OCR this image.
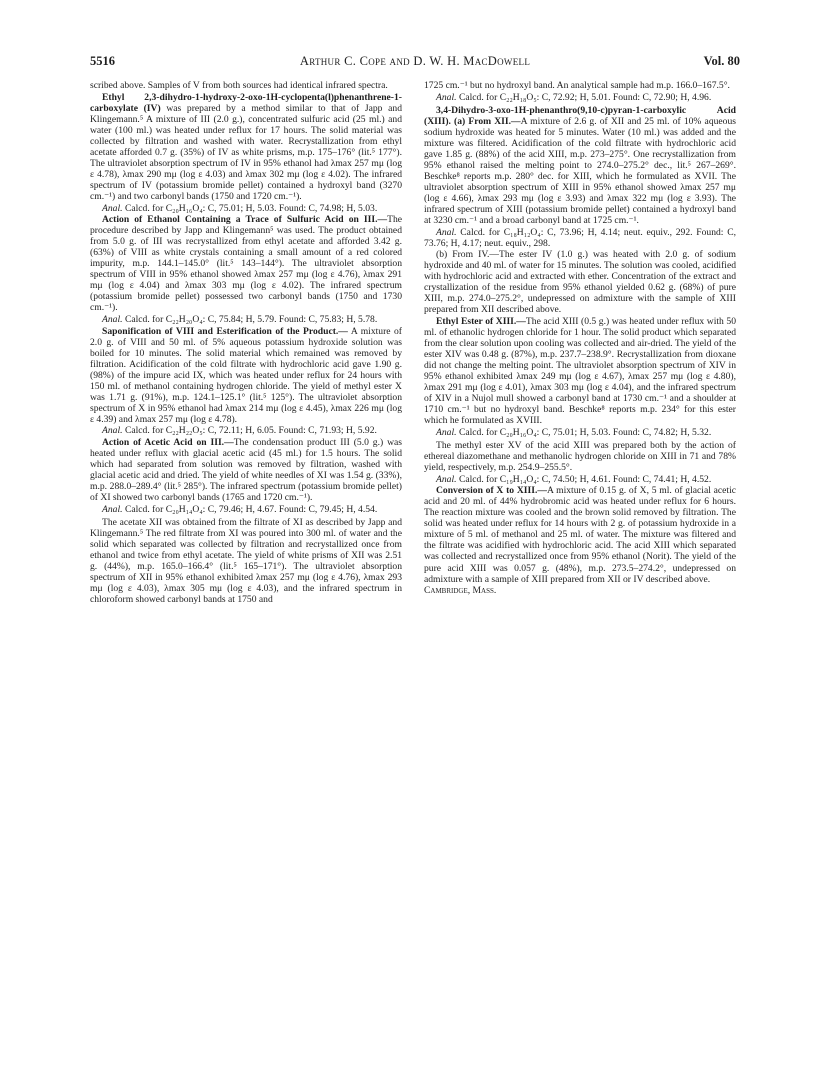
5516	Arthur C. Cope and D. W. H. MacDowell	Vol. 80

scribed above. Samples of V from both sources had identical infrared spectra.

Ethyl 2,3-dihydro-1-hydroxy-2-oxo-1H-cyclopenta(l)phenanthrene-1-carboxylate (IV) was prepared by a method similar to that of Japp and Klingemann.⁵ A mixture of III (2.0 g.), concentrated sulfuric acid (25 ml.) and water (100 ml.) was heated under reflux for 17 hours. The solid material was collected by filtration and washed with water. Recrystallization from ethyl acetate afforded 0.7 g. (35%) of IV as white prisms, m.p. 175–176° (lit.⁵ 177°). The ultraviolet absorption spectrum of IV in 95% ethanol had λmax 257 mμ (log ε 4.78), λmax 290 mμ (log ε 4.03) and λmax 302 mμ (log ε 4.02). The infrared spectrum of IV (potassium bromide pellet) contained a hydroxyl band (3270 cm.⁻¹) and two carbonyl bands (1750 and 1720 cm.⁻¹).

Anal. Calcd. for C₂₀H₁₆O₄: C, 75.01; H, 5.03. Found: C, 74.98; H, 5.03.

Action of Ethanol Containing a Trace of Sulfuric Acid on III.—The procedure described by Japp and Klingemann⁵ was used. The product obtained from 5.0 g. of III was recrystallized from ethyl acetate and afforded 3.42 g. (63%) of VIII as white crystals containing a small amount of a red colored impurity, m.p. 144.1–145.0° (lit.⁵ 143–144°). The ultraviolet absorption spectrum of VIII in 95% ethanol showed λmax 257 mμ (log ε 4.76), λmax 291 mμ (log ε 4.04) and λmax 303 mμ (log ε 4.02). The infrared spectrum (potassium bromide pellet) possessed two carbonyl bands (1750 and 1730 cm.⁻¹).

Anal. Calcd. for C₂₂H₂₀O₄: C, 75.84; H, 5.79. Found: C, 75.83; H, 5.78.

Saponification of VIII and Esterification of the Product.— A mixture of 2.0 g. of VIII and 50 ml. of 5% aqueous potassium hydroxide solution was boiled for 10 minutes. The solid material which remained was removed by filtration. Acidification of the cold filtrate with hydrochloric acid gave 1.90 g. (98%) of the impure acid IX, which was heated under reflux for 24 hours with 150 ml. of methanol containing hydrogen chloride. The yield of methyl ester X was 1.71 g. (91%), m.p. 124.1–125.1° (lit.⁵ 125°). The ultraviolet absorption spectrum of X in 95% ethanol had λmax 214 mμ (log ε 4.45), λmax 226 mμ (log ε 4.39) and λmax 257 mμ (log ε 4.78).

Anal. Calcd. for C₂₂H₂₂O₅: C, 72.11; H, 6.05. Found: C, 71.93; H, 5.92.

Action of Acetic Acid on III.—The condensation product III (5.0 g.) was heated under reflux with glacial acetic acid (45 ml.) for 1.5 hours. The solid which had separated from solution was removed by filtration, washed with glacial acetic acid and dried. The yield of white needles of XI was 1.54 g. (33%), m.p. 288.0–289.4° (lit.⁵ 285°). The infrared spectrum (potassium bromide pellet) of XI showed two carbonyl bands (1765 and 1720 cm.⁻¹).

Anal. Calcd. for C₂₀H₁₄O₄: C, 79.46; H, 4.67. Found: C, 79.45; H, 4.54.

The acetate XII was obtained from the filtrate of XI as described by Japp and Klingemann.⁵ The red filtrate from XI was poured into 300 ml. of water and the solid which separated was collected by filtration and recrystallized once from ethanol and twice from ethyl acetate. The yield of white prisms of XII was 2.51 g. (44%), m.p. 165.0–166.4° (lit.⁵ 165–171°). The ultraviolet absorption spectrum of XII in 95% ethanol exhibited λmax 257 mμ (log ε 4.76), λmax 293 mμ (log ε 4.03), λmax 305 mμ (log ε 4.03), and the infrared spectrum in chloroform showed carbonyl bands at 1750 and

1725 cm.⁻¹ but no hydroxyl band. An analytical sample had m.p. 166.0–167.5°.

Anal. Calcd. for C₂₂H₁₈O₅: C, 72.92; H, 5.01. Found: C, 72.90; H, 4.96.

3,4-Dihydro-3-oxo-1H-phenanthro(9,10-c)pyran-1-carboxylic Acid (XIII). (a) From XII.—A mixture of 2.6 g. of XII and 25 ml. of 10% aqueous sodium hydroxide was heated for 5 minutes. Water (10 ml.) was added and the mixture was filtered. Acidification of the cold filtrate with hydrochloric acid gave 1.85 g. (88%) of the acid XIII, m.p. 273–275°. One recrystallization from 95% ethanol raised the melting point to 274.0–275.2° dec., lit.⁵ 267–269°. Beschke⁸ reports m.p. 280° dec. for XIII, which he formulated as XVII. The ultraviolet absorption spectrum of XIII in 95% ethanol showed λmax 257 mμ (log ε 4.66), λmax 293 mμ (log ε 3.93) and λmax 322 mμ (log ε 3.93). The infrared spectrum of XIII (potassium bromide pellet) contained a hydroxyl band at 3230 cm.⁻¹ and a broad carbonyl band at 1725 cm.⁻¹.

Anal. Calcd. for C₁₈H₁₂O₄: C, 73.96; H, 4.14; neut. equiv., 292. Found: C, 73.76; H, 4.17; neut. equiv., 298.

(b) From IV.—The ester IV (1.0 g.) was heated with 2.0 g. of sodium hydroxide and 40 ml. of water for 15 minutes. The solution was cooled, acidified with hydrochloric acid and extracted with ether. Concentration of the extract and crystallization of the residue from 95% ethanol yielded 0.62 g. (68%) of pure XIII, m.p. 274.0–275.2°, undepressed on admixture with the sample of XIII prepared from XII described above.

Ethyl Ester of XIII.—The acid XIII (0.5 g.) was heated under reflux with 50 ml. of ethanolic hydrogen chloride for 1 hour. The solid product which separated from the clear solution upon cooling was collected and air-dried. The yield of the ester XIV was 0.48 g. (87%), m.p. 237.7–238.9°. Recrystallization from dioxane did not change the melting point. The ultraviolet absorption spectrum of XIV in 95% ethanol exhibited λmax 249 mμ (log ε 4.67), λmax 257 mμ (log ε 4.80), λmax 291 mμ (log ε 4.01), λmax 303 mμ (log ε 4.04), and the infrared spectrum of XIV in a Nujol mull showed a carbonyl band at 1730 cm.⁻¹ and a shoulder at 1710 cm.⁻¹ but no hydroxyl band. Beschke⁸ reports m.p. 234° for this ester which he formulated as XVIII.

Anal. Calcd. for C₂₀H₁₆O₄: C, 75.01; H, 5.03. Found: C, 74.82; H, 5.32.

The methyl ester XV of the acid XIII was prepared both by the action of ethereal diazomethane and methanolic hydrogen chloride on XIII in 71 and 78% yield, respectively, m.p. 254.9–255.5°.

Anal. Calcd. for C₁₉H₁₄O₄: C, 74.50; H, 4.61. Found: C, 74.41; H, 4.52.

Conversion of X to XIII.—A mixture of 0.15 g. of X, 5 ml. of glacial acetic acid and 20 ml. of 44% hydrobromic acid was heated under reflux for 6 hours. The reaction mixture was cooled and the brown solid removed by filtration. The solid was heated under reflux for 14 hours with 2 g. of potassium hydroxide in a mixture of 5 ml. of methanol and 25 ml. of water. The mixture was filtered and the filtrate was acidified with hydrochloric acid. The acid XIII which separated was collected and recrystallized once from 95% ethanol (Norit). The yield of the pure acid XIII was 0.057 g. (48%), m.p. 273.5–274.2°, undepressed on admixture with a sample of XIII prepared from XII or IV described above.

Cambridge, Mass.
